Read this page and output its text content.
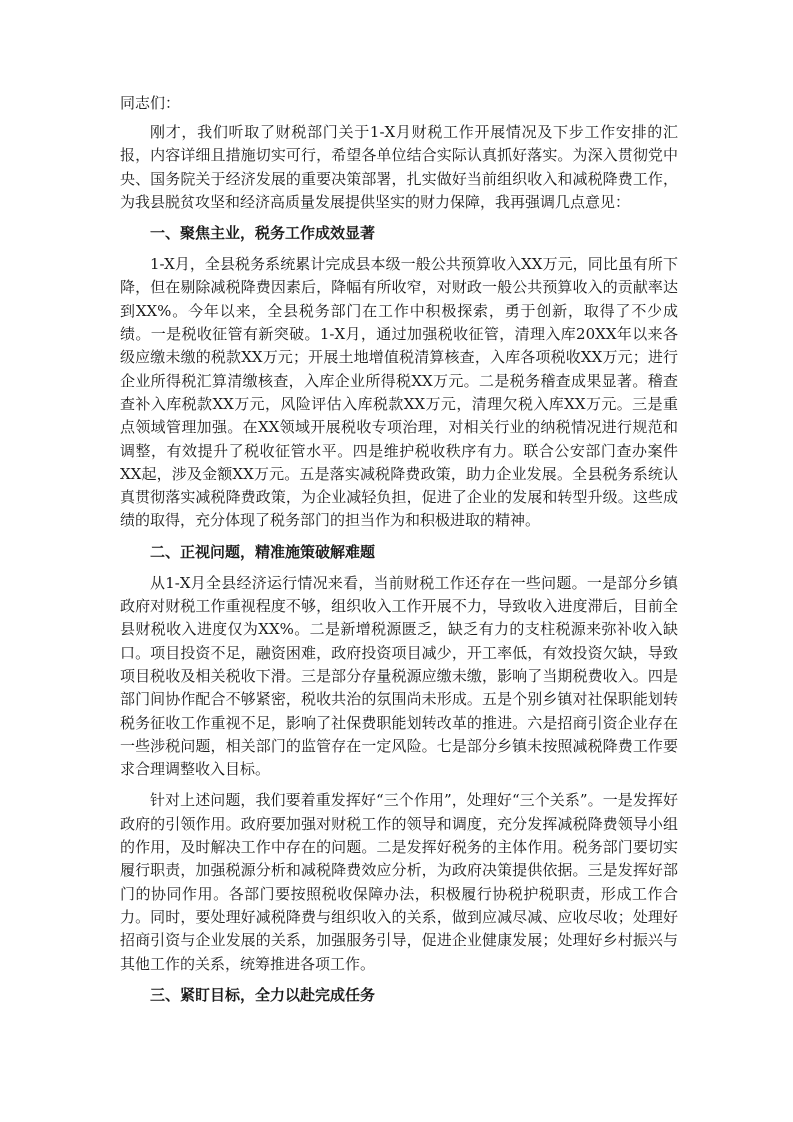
同志们：

刚才，我们听取了财税部门关于1-X月财税工作开展情况及下步工作安排的汇报，内容详细且措施切实可行，希望各单位结合实际认真抓好落实。为深入贯彻党中央、国务院关于经济发展的重要决策部署，扎实做好当前组织收入和减税降费工作，为我县脱贫攻坚和经济高质量发展提供坚实的财力保障，我再强调几点意见：

一、聚焦主业，税务工作成效显著

1-X月，全县税务系统累计完成县本级一般公共预算收入XX万元，同比虽有所下降，但在剔除减税降费因素后，降幅有所收窄，对财政一般公共预算收入的贡献率达到XX%。今年以来，全县税务部门在工作中积极探索，勇于创新，取得了不少成绩。一是税收征管有新突破。1-X月，通过加强税收征管，清理入库20XX年以来各级应缴未缴的税款XX万元；开展土地增值税清算核查，入库各项税收XX万元；进行企业所得税汇算清缴核查，入库企业所得税XX万元。二是税务稽查成果显著。稽查查补入库税款XX万元，风险评估入库税款XX万元，清理欠税入库XX万元。三是重点领域管理加强。在XX领域开展税收专项治理，对相关行业的纳税情况进行规范和调整，有效提升了税收征管水平。四是维护税收秩序有力。联合公安部门查办案件XX起，涉及金额XX万元。五是落实减税降费政策，助力企业发展。全县税务系统认真贯彻落实减税降费政策，为企业减轻负担，促进了企业的发展和转型升级。这些成绩的取得，充分体现了税务部门的担当作为和积极进取的精神。

二、正视问题，精准施策破解难题

从1-X月全县经济运行情况来看，当前财税工作还存在一些问题。一是部分乡镇政府对财税工作重视程度不够，组织收入工作开展不力，导致收入进度滞后，目前全县财税收入进度仅为XX%。二是新增税源匮乏，缺乏有力的支柱税源来弥补收入缺口。项目投资不足，融资困难，政府投资项目减少，开工率低，有效投资欠缺，导致项目税收及相关税收下滑。三是部分存量税源应缴未缴，影响了当期税费收入。四是部门间协作配合不够紧密，税收共治的氛围尚未形成。五是个别乡镇对社保职能划转税务征收工作重视不足，影响了社保费职能划转改革的推进。六是招商引资企业存在一些涉税问题，相关部门的监管存在一定风险。七是部分乡镇未按照减税降费工作要求合理调整收入目标。

针对上述问题，我们要着重发挥好“三个作用”，处理好“三个关系”。一是发挥好政府的引领作用。政府要加强对财税工作的领导和调度，充分发挥减税降费领导小组的作用，及时解决工作中存在的问题。二是发挥好税务的主体作用。税务部门要切实履行职责，加强税源分析和减税降费效应分析，为政府决策提供依据。三是发挥好部门的协同作用。各部门要按照税收保障办法，积极履行协税护税职责，形成工作合力。同时，要处理好减税降费与组织收入的关系，做到应减尽减、应收尽收；处理好招商引资与企业发展的关系，加强服务引导，促进企业健康发展；处理好乡村振兴与其他工作的关系，统筹推进各项工作。

三、紧盯目标，全力以赴完成任务
